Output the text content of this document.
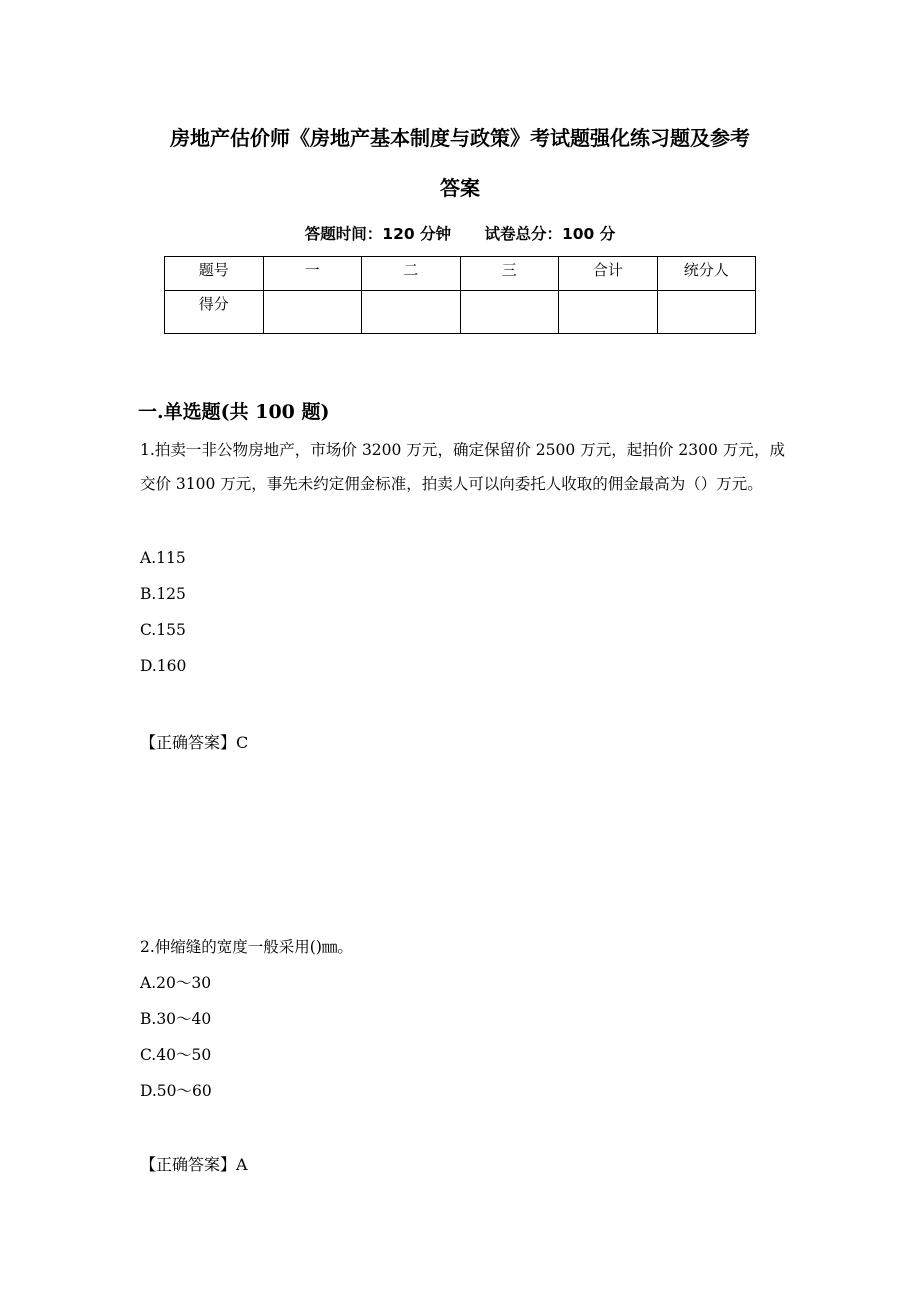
房地产估价师《房地产基本制度与政策》考试题强化练习题及参考
答案
答题时间：120 分钟 试卷总分：100 分
题号	一	二	三	合计	统分人
得分					
一.单选题(共 100 题)
1.拍卖一非公物房地产，市场价 3200 万元，确定保留价 2500 万元，起拍价 2300 万元，成交价 3100 万元，事先未约定佣金标准，拍卖人可以向委托人收取的佣金最高为（）万元。
A.115
B.125
C.155
D.160
【正确答案】C
2.伸缩缝的宽度一般采用()㎜。
A.20～30
B.30～40
C.40～50
D.50～60
【正确答案】A
